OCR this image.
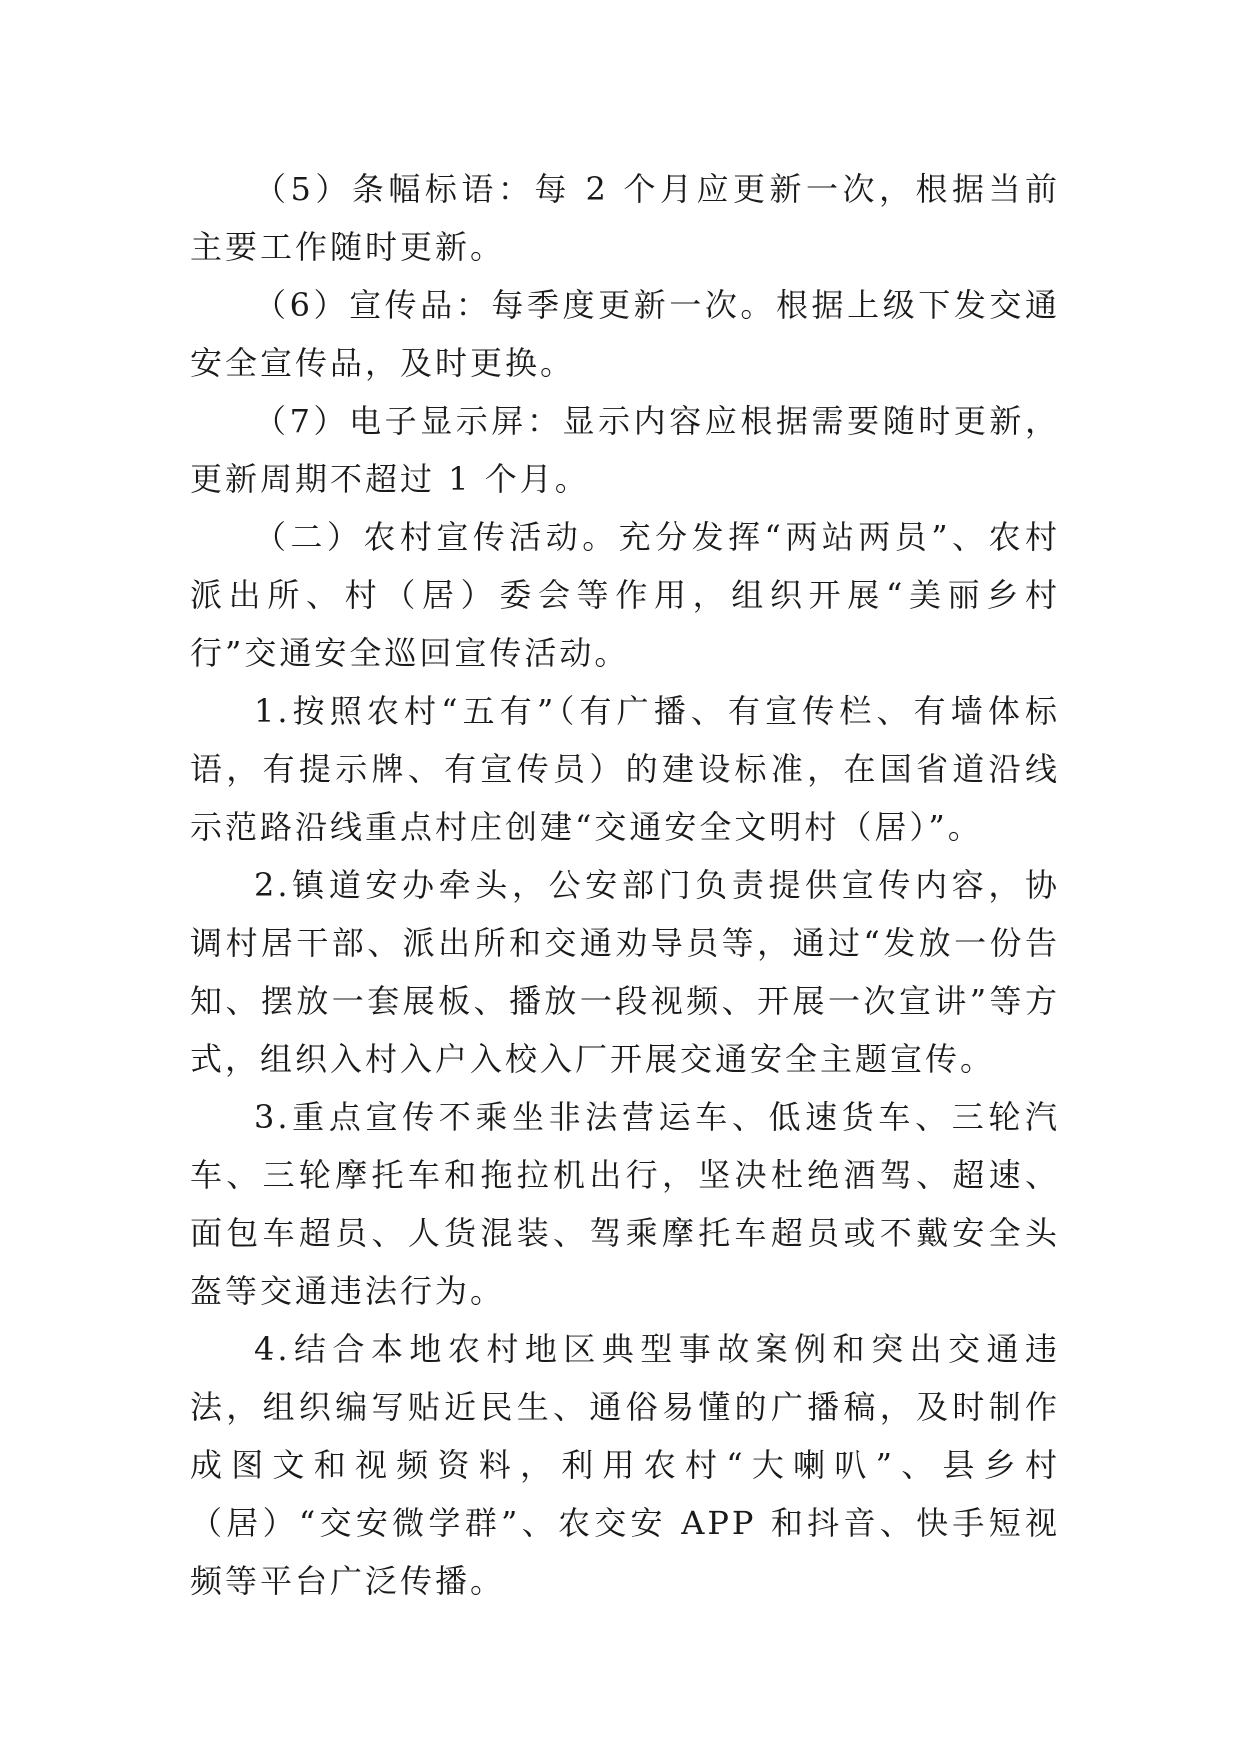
（5）条幅标语：每 2 个月应更新一次，根据当前主要工作随时更新。

（6）宣传品：每季度更新一次。根据上级下发交通安全宣传品，及时更换。

（7）电子显示屏：显示内容应根据需要随时更新，更新周期不超过 1 个月。

（二）农村宣传活动。充分发挥“两站两员”、农村派出所、村（居）委会等作用，组织开展“美丽乡村行”交通安全巡回宣传活动。

1.按照农村“五有”（有广播、有宣传栏、有墙体标语，有提示牌、有宣传员）的建设标准，在国省道沿线示范路沿线重点村庄创建“交通安全文明村（居）”。

2.镇道安办牵头，公安部门负责提供宣传内容，协调村居干部、派出所和交通劝导员等，通过“发放一份告知、摆放一套展板、播放一段视频、开展一次宣讲”等方式，组织入村入户入校入厂开展交通安全主题宣传。

3.重点宣传不乘坐非法营运车、低速货车、三轮汽车、三轮摩托车和拖拉机出行，坚决杜绝酒驾、超速、面包车超员、人货混装、驾乘摩托车超员或不戴安全头盔等交通违法行为。

4.结合本地农村地区典型事故案例和突出交通违法，组织编写贴近民生、通俗易懂的广播稿，及时制作成图文和视频资料，利用农村“大喇叭”、县乡村（居）“交安微学群”、农交安 APP 和抖音、快手短视频等平台广泛传播。
